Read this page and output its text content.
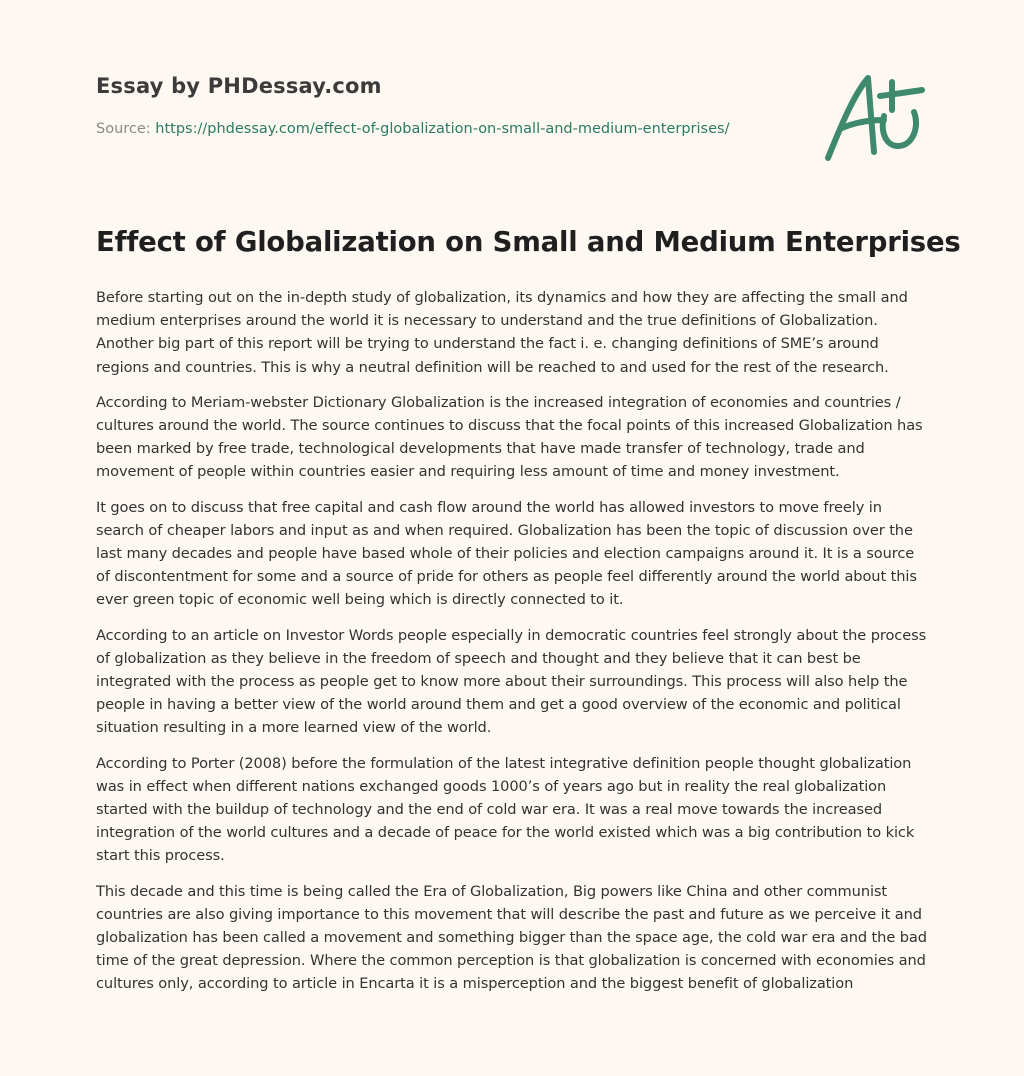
Essay by PHDessay.com
Source: https://phdessay.com/effect-of-globalization-on-small-and-medium-enterprises/
Effect of Globalization on Small and Medium Enterprises

Before starting out on the in-depth study of globalization, its dynamics and how they are affecting the small and medium enterprises around the world it is necessary to understand and the true definitions of Globalization. Another big part of this report will be trying to understand the fact i. e. changing definitions of SME’s around regions and countries. This is why a neutral definition will be reached to and used for the rest of the research.

According to Meriam-webster Dictionary Globalization is the increased integration of economies and countries / cultures around the world. The source continues to discuss that the focal points of this increased Globalization has been marked by free trade, technological developments that have made transfer of technology, trade and movement of people within countries easier and requiring less amount of time and money investment.

It goes on to discuss that free capital and cash flow around the world has allowed investors to move freely in search of cheaper labors and input as and when required. Globalization has been the topic of discussion over the last many decades and people have based whole of their policies and election campaigns around it. It is a source of discontentment for some and a source of pride for others as people feel differently around the world about this ever green topic of economic well being which is directly connected to it.

According to an article on Investor Words people especially in democratic countries feel strongly about the process of globalization as they believe in the freedom of speech and thought and they believe that it can best be integrated with the process as people get to know more about their surroundings. This process will also help the people in having a better view of the world around them and get a good overview of the economic and political situation resulting in a more learned view of the world.

According to Porter (2008) before the formulation of the latest integrative definition people thought globalization was in effect when different nations exchanged goods 1000’s of years ago but in reality the real globalization started with the buildup of technology and the end of cold war era. It was a real move towards the increased integration of the world cultures and a decade of peace for the world existed which was a big contribution to kick start this process.

This decade and this time is being called the Era of Globalization, Big powers like China and other communist countries are also giving importance to this movement that will describe the past and future as we perceive it and globalization has been called a movement and something bigger than the space age, the cold war era and the bad time of the great depression. Where the common perception is that globalization is concerned with economies and cultures only, according to article in Encarta it is a misperception and the biggest benefit of globalization
